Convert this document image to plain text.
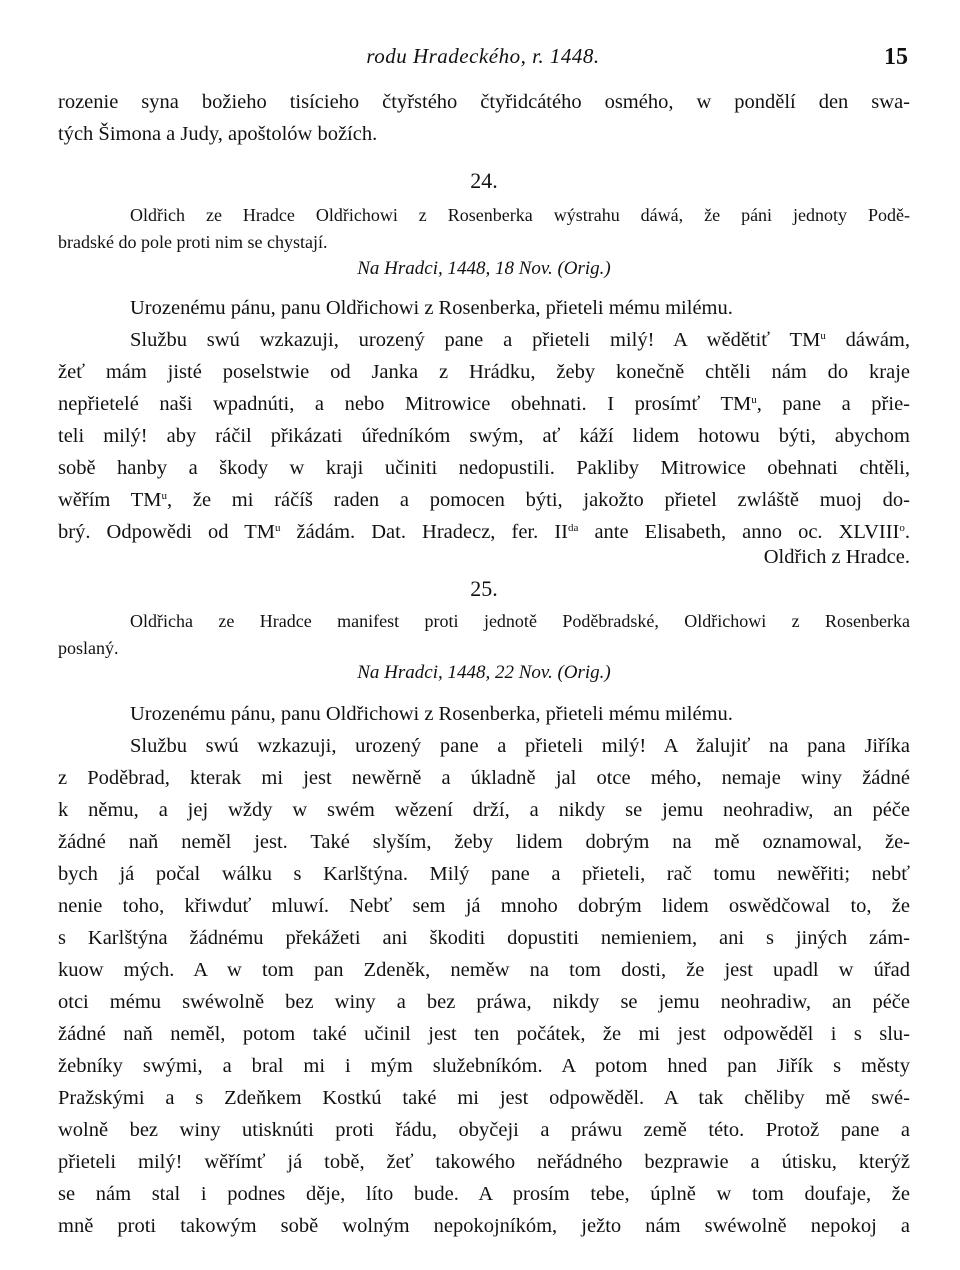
rodu Hradeckého, r. 1448.	15
rozenie syna božieho tisícieho čtyřstého čtyřidcátého osmého, w pondělí den swa-
tých Šimona a Judy, apoštolów božích.
24.
Oldřich ze Hradce Oldřichowi z Rosenberka wýstrahu dáwá, že páni jednoty Podě-
bradské do pole proti nim se chystají.
Na Hradci, 1448, 18 Nov. (Orig.)
Urozenému pánu, panu Oldřichowi z Rosenberka, přieteli mému milému.
Službu swú wzkazuji, urozený pane a přieteli milý! A wědětiť $TM^u$ dáwám,
žeť mám jisté poselstwie od Janka z Hrádku, žeby konečně chtěli nám do kraje
nepřietelé naši wpadnúti, a nebo Mitrowice obehnati. I prosímť $TM^u$, pane a přie-
teli milý! aby ráčil přikázati úředníkóm swým, ať káží lidem hotowu býti, abychom
sobě hanby a škody w kraji učiniti nedopustili. Pakliby Mitrowice obehnati chtěli,
wěřím $TM^u$, že mi ráčíš raden a pomocen býti, jakožto přietel zwláště muoj do-
brý. Odpowědi od $TM^u$ žádám. Dat. Hradecz, fer. $II^{da}$ ante Elisabeth, anno oc. XLVIII$^o$.
Oldřich z Hradce.
25.
Oldřicha ze Hradce manifest proti jednotě Poděbradské, Oldřichowi z Rosenberka
poslaný.
Na Hradci, 1448, 22 Nov. (Orig.)
Urozenému pánu, panu Oldřichowi z Rosenberka, přieteli mému milému.
Službu swú wzkazuji, urozený pane a přieteli milý! A žalujiť na pana Jiříka
z Poděbrad, kterak mi jest newěrně a úkladně jal otce mého, nemaje winy žádné
k němu, a jej wždy w swém wězení drží, a nikdy se jemu neohradiw, an péče
žádné naň neměl jest. Také slyším, žeby lidem dobrým na mě oznamowal, že-
bych já počal wálku s Karlštýna. Milý pane a přieteli, rač tomu newěřiti; nebť
nenie toho, křiwduť mluwí. Nebť sem já mnoho dobrým lidem oswědčowal to, že
s Karlštýna žádnému překážeti ani škoditi dopustiti nemieniem, ani s jiných zám-
kuow mých. A w tom pan Zdeněk, neměw na tom dosti, že jest upadl w úřad
otci mému swéwolně bez winy a bez práwa, nikdy se jemu neohradiw, an péče
žádné naň neměl, potom také učinil jest ten počátek, že mi jest odpowěděl i s slu-
žebníky swými, a bral mi i mým služebníkóm. A potom hned pan Jiřík s městy
Pražskými a s Zdeňkem Kostkú také mi jest odpowěděl. A tak chěliby mě swé-
wolně bez winy utisknúti proti řádu, obyčeji a práwu země této. Protož pane a
přieteli milý! wěřímť já tobě, žeť takowého neřádného bezprawie a útisku, kterýž
se nám stal i podnes děje, líto bude. A prosím tebe, úplně w tom doufaje, že
mně proti takowým sobě wolným nepokojníkóm, ježto nám swéwolně nepokoj a
